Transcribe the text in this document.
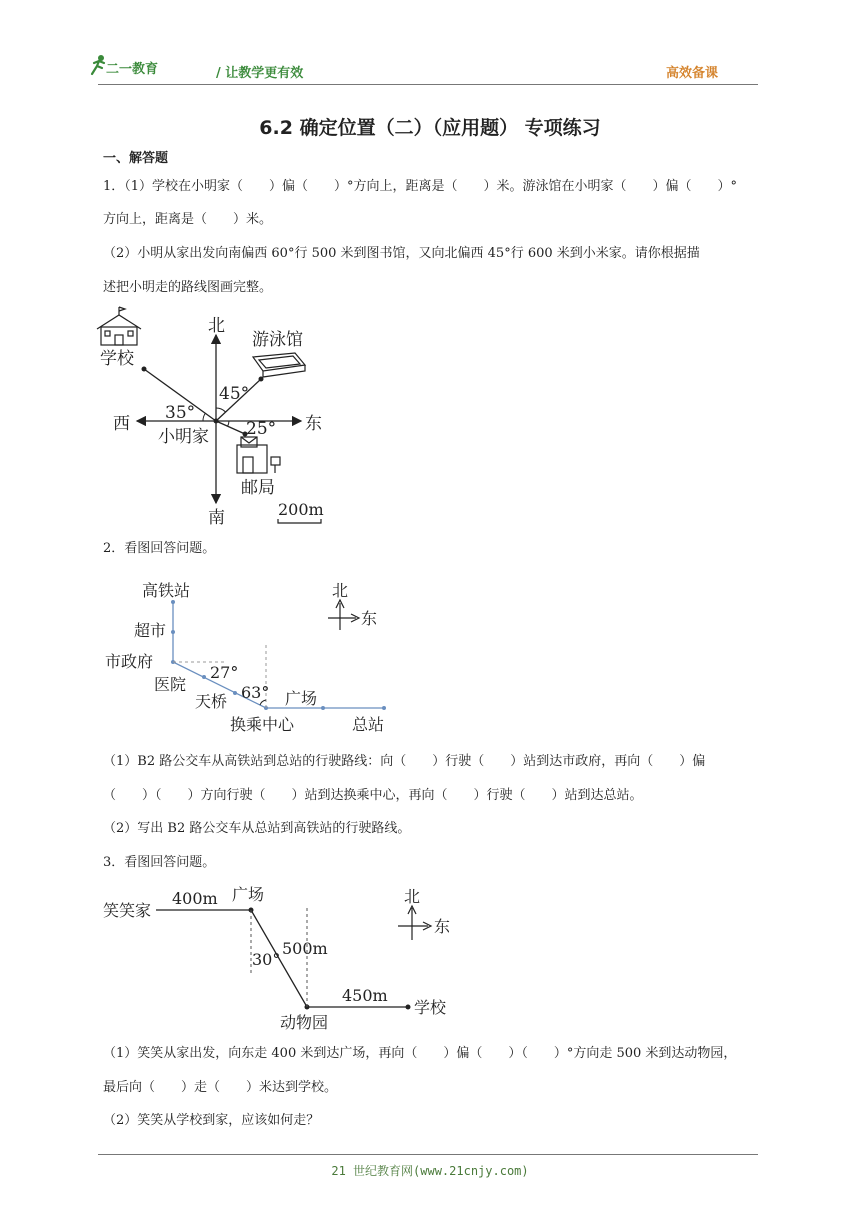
二一教育	/ 让教学更有效	高效备课
6.2 确定位置（二）（应用题） 专项练习
一、解答题
1．（1）学校在小明家（　　）偏（　　）°方向上，距离是（　　）米。游泳馆在小明家（　　）偏（　　）°
方向上，距离是（　　）米。
（2）小明从家出发向南偏西 60°行 500 米到图书馆，又向北偏西 45°行 600 米到小米家。请你根据描
述把小明走的路线图画完整。
学校
北
游泳馆
45°
35°
西	东
25°
小明家
邮局
南	200m
2．看图回答问题。
高铁站
超市
市政府
27°
医院	63°
天桥	广场
换乘中心	总站
北
东
（1）B2 路公交车从高铁站到总站的行驶路线：向（　　）行驶（　　）站到达市政府，再向（　　）偏
（　　）（　　）方向行驶（　　）站到达换乘中心，再向（　　）行驶（　　）站到达总站。
（2）写出 B2 路公交车从总站到高铁站的行驶路线。
3．看图回答问题。
笑笑家
400m 广场
500m
30°
450m
学校
动物园
北
东
（1）笑笑从家出发，向东走 400 米到达广场，再向（　　）偏（　　）（　　）°方向走 500 米到达动物园，
最后向（　　）走（　　）米达到学校。
（2）笑笑从学校到家，应该如何走？
21 世纪教育网(www.21cnjy.com)
